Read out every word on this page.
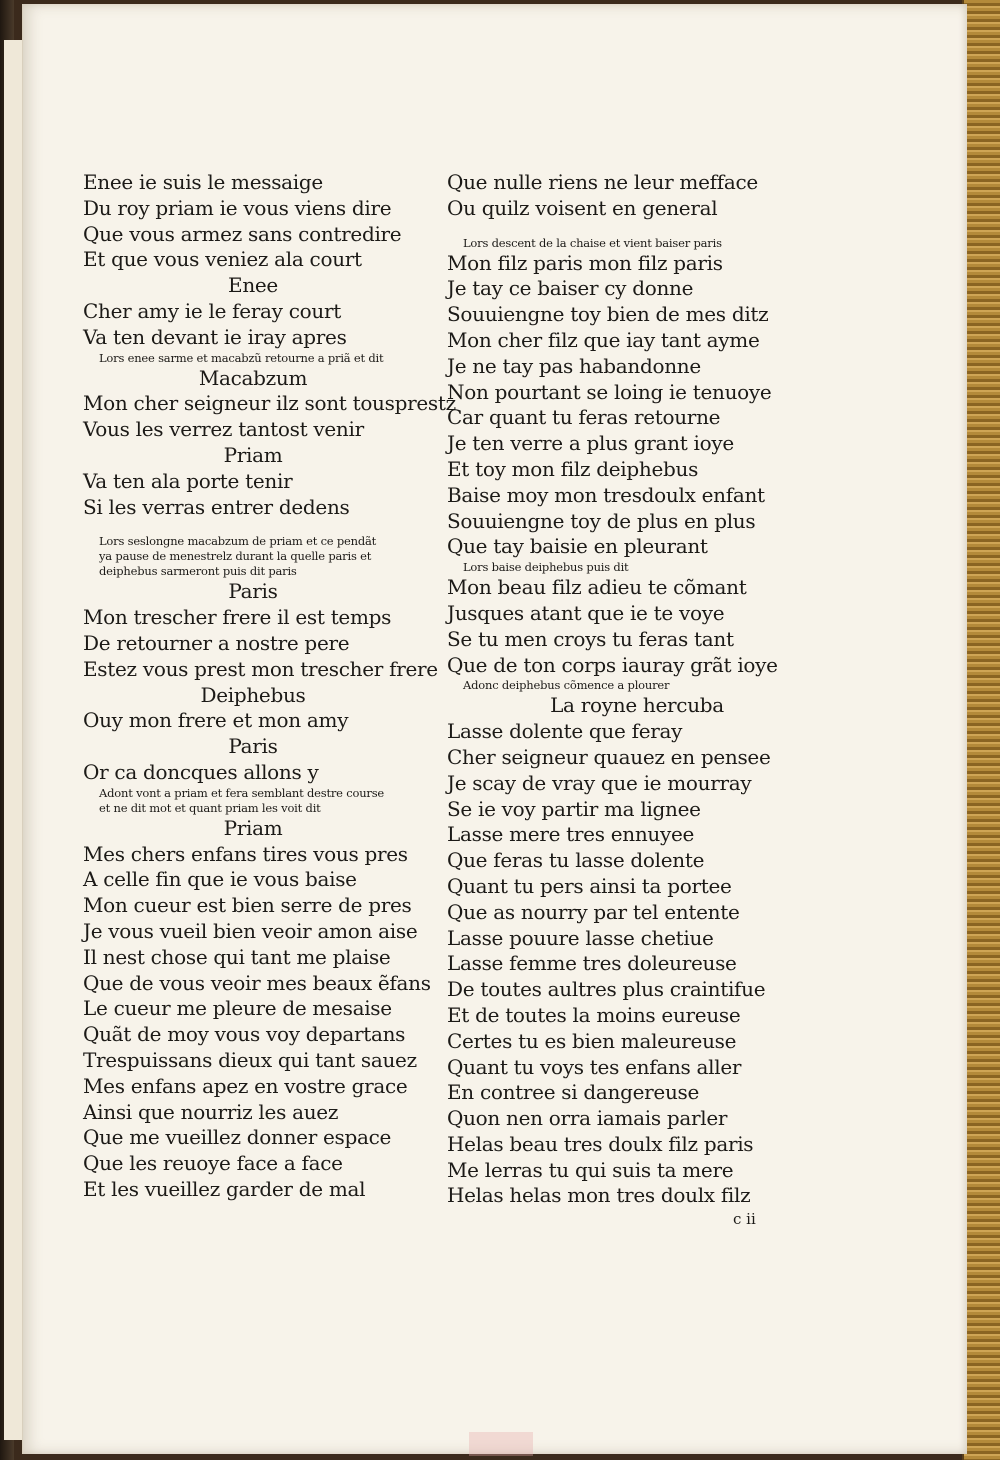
Enee ie suis le messaige
Du roy priam ie vous viens dire
Que vous armez sans contredire
Et que vous veniez ala court
Enee
Cher amy ie le feray court
Va ten devant ie iray apres
Lors enee sarme et macabzũ retourne a priã et dit
Macabzum
Mon cher seigneur ilz sont tousprestz
Vous les verrez tantost venir
Priam
Va ten ala porte tenir
Si les verras entrer dedens
Lors seslongne macabzum de priam et ce pendãt
ya pause de menestrelz durant la quelle paris et
deiphebus sarmeront puis dit paris
Paris
Mon trescher frere il est temps
De retourner a nostre pere
Estez vous prest mon trescher frere
Deiphebus
Ouy mon frere et mon amy
Paris
Or ca doncques allons y
Adont vont a priam et fera semblant destre course
et ne dit mot et quant priam les voit dit
Priam
Mes chers enfans tires vous pres
A celle fin que ie vous baise
Mon cueur est bien serre de pres
Je vous vueil bien veoir amon aise
Il nest chose qui tant me plaise
Que de vous veoir mes beaux ẽfans
Le cueur me pleure de mesaise
Quãt de moy vous voy departans
Trespuissans dieux qui tant sauez
Mes enfans apez en vostre grace
Ainsi que nourriz les auez
Que me vueillez donner espace
Que les reuoye face a face
Et les vueillez garder de mal
Que nulle riens ne leur mefface
Ou quilz voisent en general
Lors descent de la chaise et vient baiser paris
Mon filz paris mon filz paris
Je tay ce baiser cy donne
Souuiengne toy bien de mes ditz
Mon cher filz que iay tant ayme
Je ne tay pas habandonne
Non pourtant se loing ie tenuoye
Car quant tu feras retourne
Je ten verre a plus grant ioye
Et toy mon filz deiphebus
Baise moy mon tresdoulx enfant
Souuiengne toy de plus en plus
Que tay baisie en pleurant
Lors baise deiphebus puis dit
Mon beau filz adieu te cõmant
Jusques atant que ie te voye
Se tu men croys tu feras tant
Que de ton corps iauray grãt ioye
Adonc deiphebus cõmence a plourer
La royne hercuba
Lasse dolente que feray
Cher seigneur quauez en pensee
Je scay de vray que ie mourray
Se ie voy partir ma lignee
Lasse mere tres ennuyee
Que feras tu lasse dolente
Quant tu pers ainsi ta portee
Que as nourry par tel entente
Lasse pouure lasse chetiue
Lasse femme tres doleureuse
De toutes aultres plus craintifue
Et de toutes la moins eureuse
Certes tu es bien maleureuse
Quant tu voys tes enfans aller
En contree si dangereuse
Quon nen orra iamais parler
Helas beau tres doulx filz paris
Me lerras tu qui suis ta mere
Helas helas mon tres doulx filz
c ii
